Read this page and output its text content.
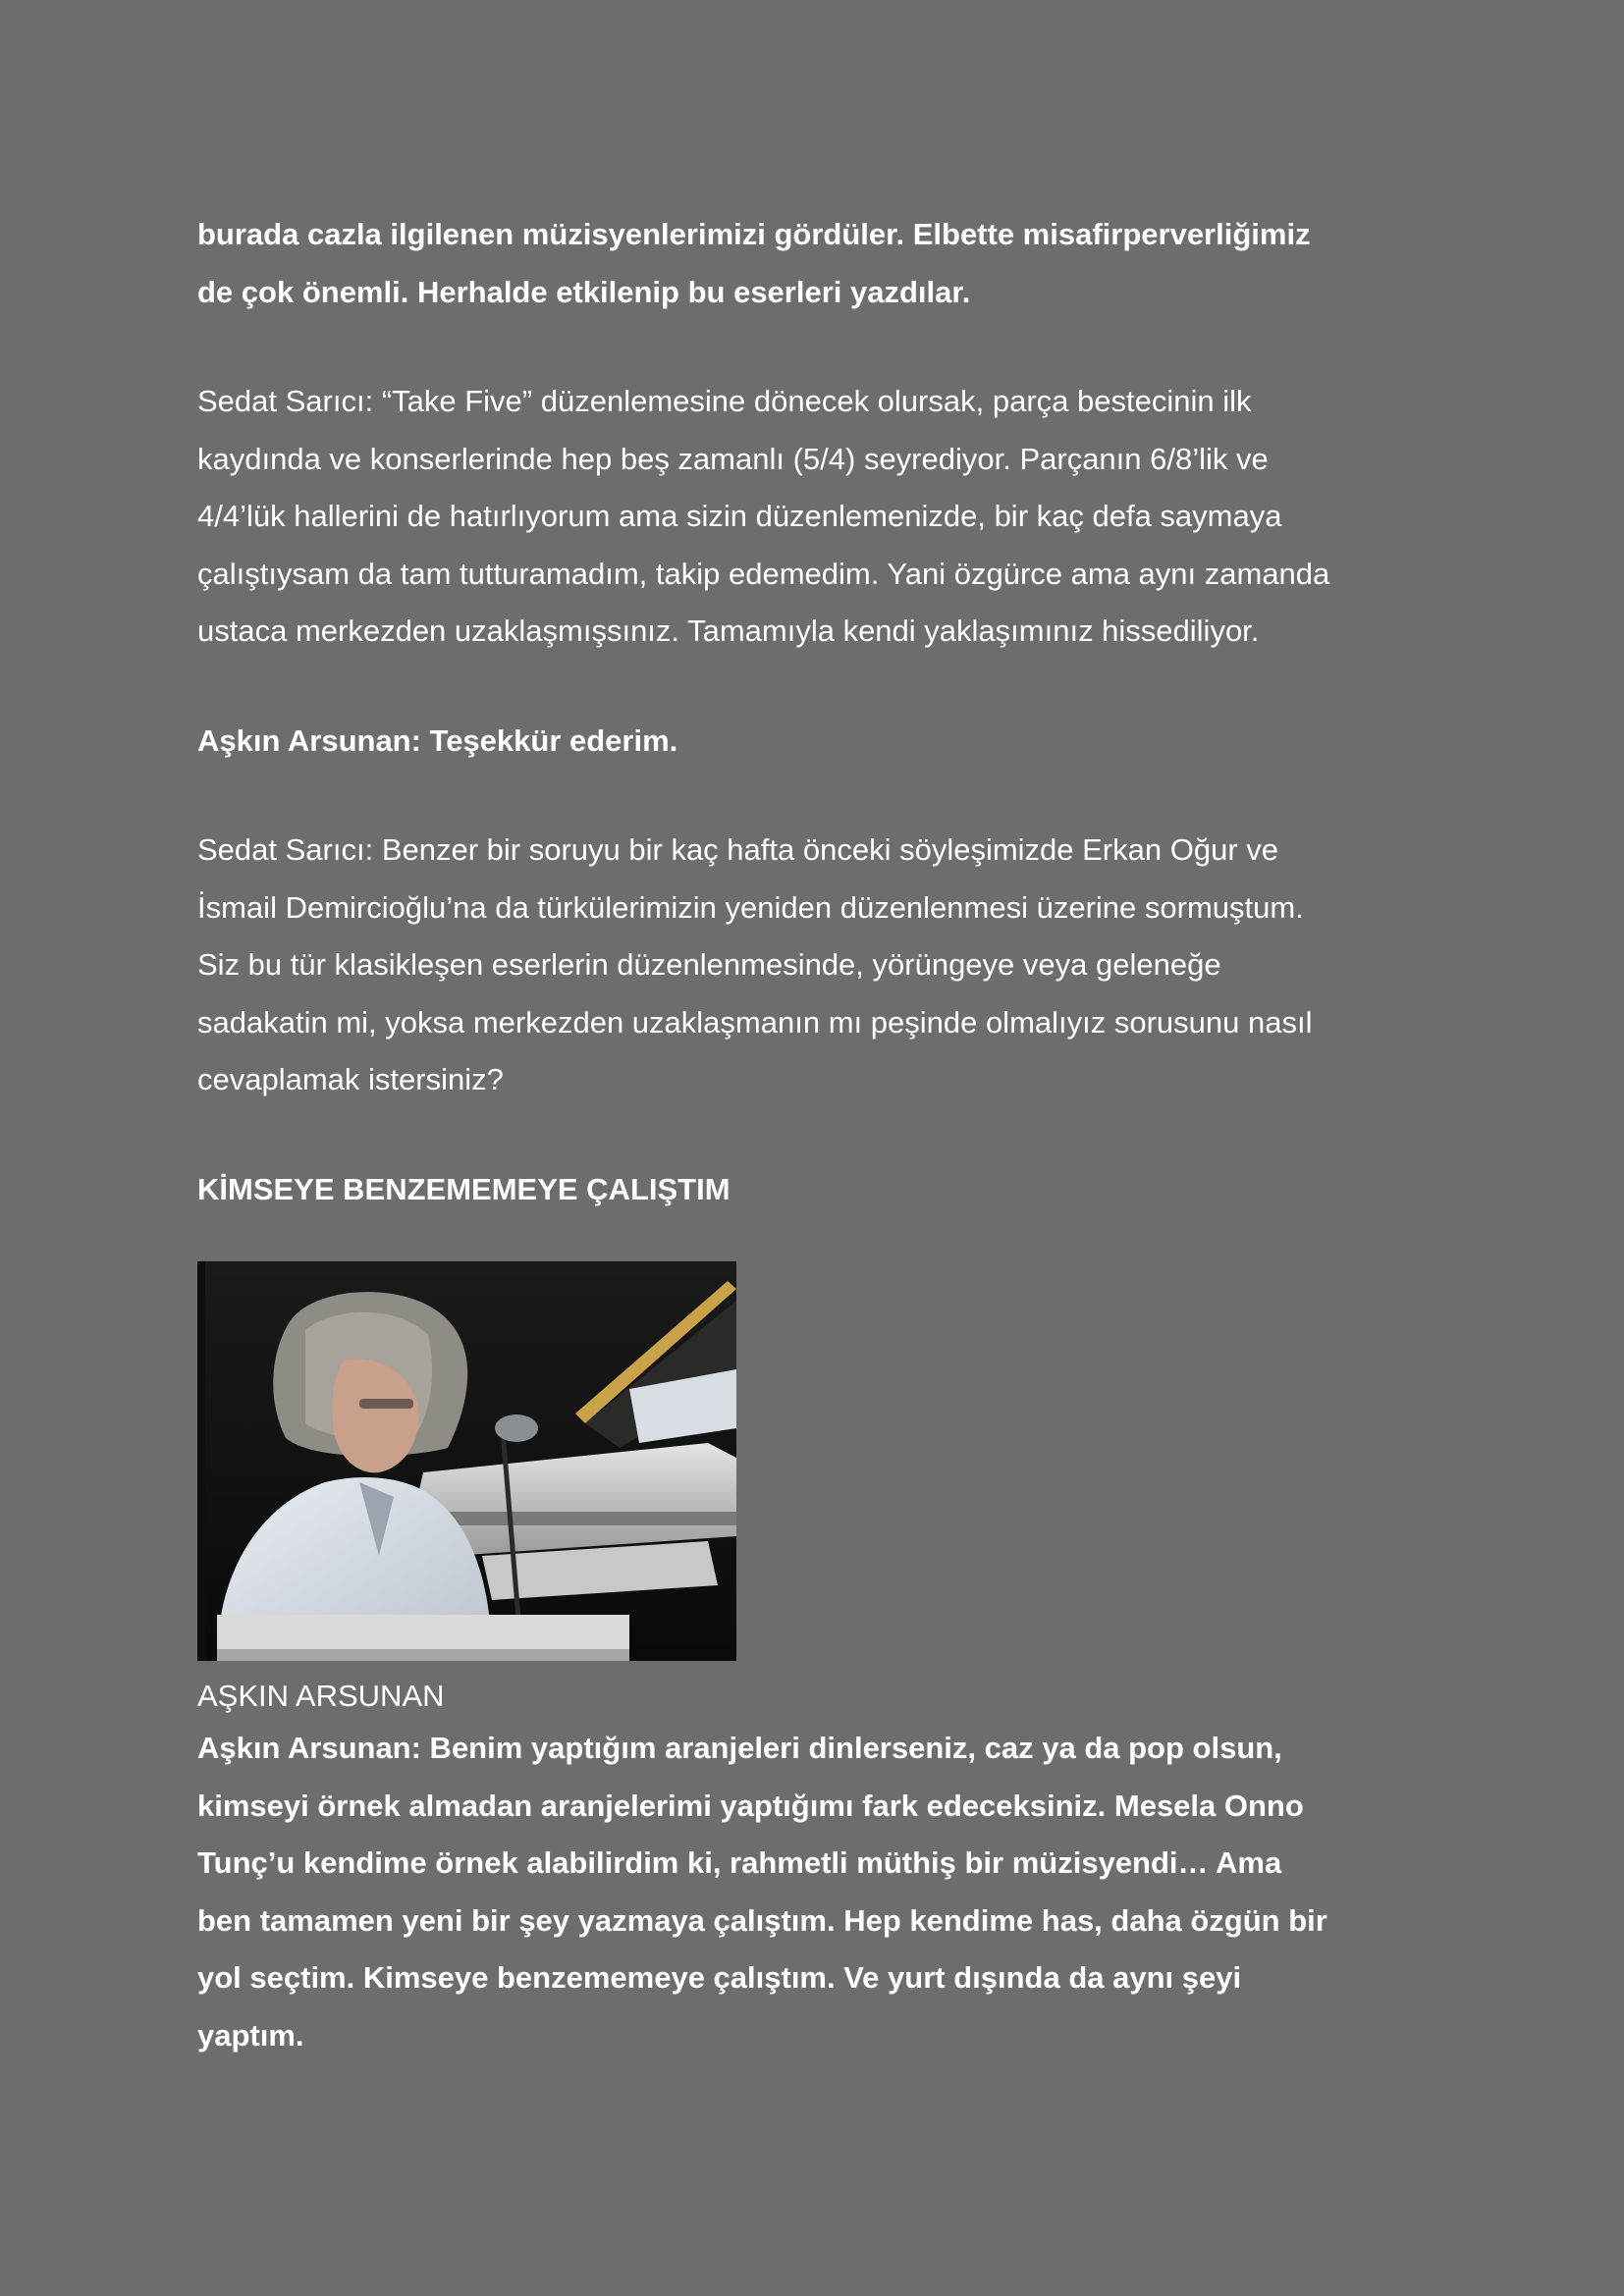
burada cazla ilgilenen müzisyenlerimizi gördüler. Elbette misafirperverliğimiz
de çok önemli. Herhalde etkilenip bu eserleri yazdılar.

Sedat Sarıcı: “Take Five” düzenlemesine dönecek olursak, parça bestecinin ilk
kaydında ve konserlerinde hep beş zamanlı (5/4) seyrediyor. Parçanın 6/8’lik ve
4/4’lük hallerini de hatırlıyorum ama sizin düzenlemenizde, bir kaç defa saymaya
çalıştıysam da tam tutturamadım, takip edemedim. Yani özgürce ama aynı zamanda
ustaca merkezden uzaklaşmışsınız. Tamamıyla kendi yaklaşımınız hissediliyor.

Aşkın Arsunan: Teşekkür ederim.

Sedat Sarıcı: Benzer bir soruyu bir kaç hafta önceki söyleşimizde Erkan Oğur ve
İsmail Demircioğlu’na da türkülerimizin yeniden düzenlenmesi üzerine sormuştum.
Siz bu tür klasikleşen eserlerin düzenlenmesinde, yörüngeye veya geleneğe
sadakatin mi, yoksa merkezden uzaklaşmanın mı peşinde olmalıyız sorusunu nasıl
cevaplamak istersiniz?

KİMSEYE BENZEMEMEYE ÇALIŞTIM

AŞKIN ARSUNAN

Aşkın Arsunan: Benim yaptığım aranjeleri dinlerseniz, caz ya da pop olsun,
kimseyi örnek almadan aranjelerimi yaptığımı fark edeceksiniz. Mesela Onno
Tunç’u kendime örnek alabilirdim ki, rahmetli müthiş bir müzisyendi… Ama
ben tamamen yeni bir şey yazmaya çalıştım. Hep kendime has, daha özgün bir
yol seçtim. Kimseye benzememeye çalıştım. Ve yurt dışında da aynı şeyi
yaptım.
